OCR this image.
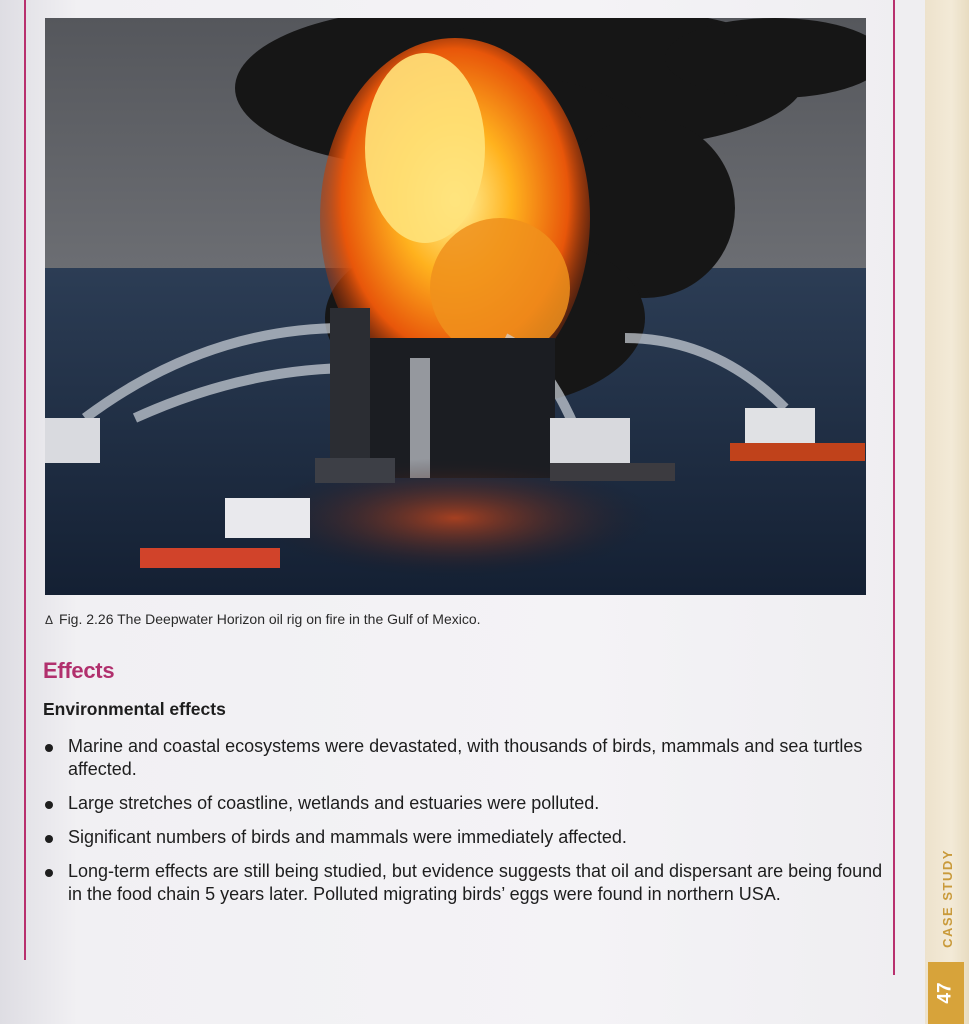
Δ Fig. 2.26 The Deepwater Horizon oil rig on fire in the Gulf of Mexico.
Effects
Environmental effects
Marine and coastal ecosystems were devastated, with thousands of birds, mammals and sea turtles affected.
Large stretches of coastline, wetlands and estuaries were polluted.
Significant numbers of birds and mammals were immediately affected.
Long-term effects are still being studied, but evidence suggests that oil and dispersant are being found in the food chain 5 years later. Polluted migrating birds’ eggs were found in northern USA.	CASE STUDY
47
